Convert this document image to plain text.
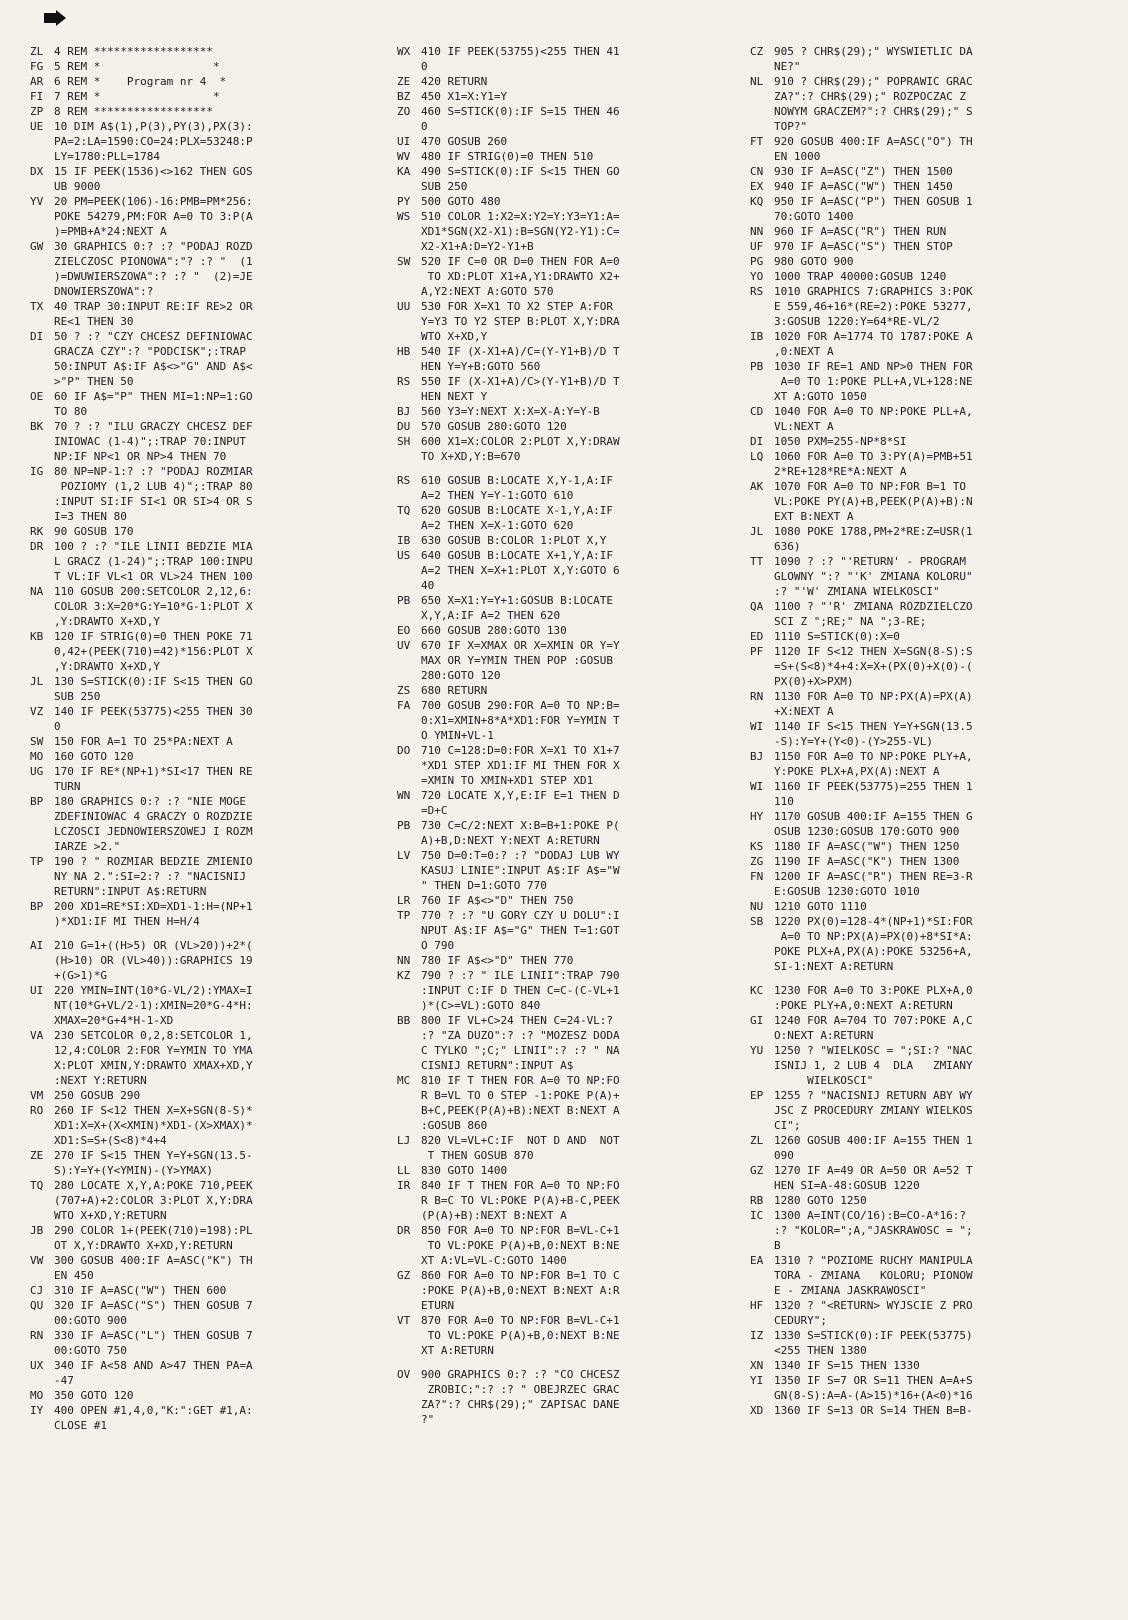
ZL 4 REM ******************
FG 5 REM *                 *
AR 6 REM *    Program nr 4  *
FI 7 REM *                 *
ZP 8 REM ******************
UE 10 DIM A$(1),P(3),PY(3),PX(3):
PA=2:LA=1590:CO=24:PLX=53248:P
LY=1780:PLL=1784
DX 15 IF PEEK(1536)<>162 THEN GOS
UB 9000
YV 20 PM=PEEK(106)-16:PMB=PM*256:
POKE 54279,PM:FOR A=0 TO 3:P(A
)=PMB+A*24:NEXT A
GW 30 GRAPHICS 0:? :? "PODAJ ROZD
ZIELCZOSC PIONOWA":"? :? "  (1
)=DWUWIERSZOWA":? :? "  (2)=JE
DNOWIERSZOWA":?
TX 40 TRAP 30:INPUT RE:IF RE>2 OR
RE<1 THEN 30
DI 50 ? :? "CZY CHCESZ DEFINIOWAC
GRACZA CZY":? "PODCISK";:TRAP
50:INPUT A$:IF A$<>"G" AND A$<
>"P" THEN 50
OE 60 IF A$="P" THEN MI=1:NP=1:GO
TO 80
BK 70 ? :? "ILU GRACZY CHCESZ DEF
INIOWAC (1-4)";:TRAP 70:INPUT
NP:IF NP<1 OR NP>4 THEN 70
IG 80 NP=NP-1:? :? "PODAJ ROZMIAR
POZIOMY (1,2 LUB 4)";:TRAP 80
:INPUT SI:IF SI<1 OR SI>4 OR S
I=3 THEN 80
RK 90 GOSUB 170
DR 100 ? :? "ILE LINII BEDZIE MIA
L GRACZ (1-24)";:TRAP 100:INPU
T VL:IF VL<1 OR VL>24 THEN 100
NA 110 GOSUB 200:SETCOLOR 2,12,6:
COLOR 3:X=20*G:Y=10*G-1:PLOT X
,Y:DRAWTO X+XD,Y
KB 120 IF STRIG(0)=0 THEN POKE 71
0,42+(PEEK(710)=42)*156:PLOT X
,Y:DRAWTO X+XD,Y
JL 130 S=STICK(0):IF S<15 THEN GO
SUB 250
VZ 140 IF PEEK(53775)<255 THEN 30
0
SW 150 FOR A=1 TO 25*PA:NEXT A
MO 160 GOTO 120
UG 170 IF RE*(NP+1)*SI<17 THEN RE
TURN
BP 180 GRAPHICS 0:? :? "NIE MOGE
ZDEFINIOWAC 4 GRACZY O ROZDZIE
LCZOSCI JEDNOWIERSZOWEJ I ROZM
IARZE >2."
TP 190 ? " ROZMIAR BEDZIE ZMIENIO
NY NA 2.":SI=2:? :? "NACISNIJ
RETURN":INPUT A$:RETURN
BP 200 XD1=RE*SI:XD=XD1-1:H=(NP+1
)*XD1:IF MI THEN H=H/4
AI 210 G=1+((H>5) OR (VL>20))+2*(
(H>10) OR (VL>40)):GRAPHICS 19
+(G>1)*G
UI 220 YMIN=INT(10*G-VL/2):YMAX=I
NT(10*G+VL/2-1):XMIN=20*G-4*H:
XMAX=20*G+4*H-1-XD
VA 230 SETCOLOR 0,2,8:SETCOLOR 1,
12,4:COLOR 2:FOR Y=YMIN TO YMA
X:PLOT XMIN,Y:DRAWTO XMAX+XD,Y
:NEXT Y:RETURN
VM 250 GOSUB 290
RO 260 IF S<12 THEN X=X+SGN(8-S)*
XD1:X=X+(X<XMIN)*XD1-(X>XMAX)*
XD1:S=S+(S<8)*4+4
ZE 270 IF S<15 THEN Y=Y+SGN(13.5-
S):Y=Y+(Y<YMIN)-(Y>YMAX)
TQ 280 LOCATE X,Y,A:POKE 710,PEEK
(707+A)+2:COLOR 3:PLOT X,Y:DRA
WTO X+XD,Y:RETURN
JB 290 COLOR 1+(PEEK(710)=198):PL
OT X,Y:DRAWTO X+XD,Y:RETURN
VW 300 GOSUB 400:IF A=ASC("K") TH
EN 450
CJ 310 IF A=ASC("W") THEN 600
QU 320 IF A=ASC("S") THEN GOSUB 7
00:GOTO 900
RN 330 IF A=ASC("L") THEN GOSUB 7
00:GOTO 750
UX 340 IF A<58 AND A>47 THEN PA=A
-47
MO 350 GOTO 120
IY 400 OPEN #1,4,0,"K:":GET #1,A:
CLOSE #1
WX 410 IF PEEK(53755)<255 THEN 41
0
ZE 420 RETURN
BZ 450 X1=X:Y1=Y
ZO 460 S=STICK(0):IF S=15 THEN 46
0
UI 470 GOSUB 260
WV 480 IF STRIG(0)=0 THEN 510
KA 490 S=STICK(0):IF S<15 THEN GO
SUB 250
PY 500 GOTO 480
WS 510 COLOR 1:X2=X:Y2=Y:Y3=Y1:A=
XD1*SGN(X2-X1):B=SGN(Y2-Y1):C=
X2-X1+A:D=Y2-Y1+B
SW 520 IF C=0 OR D=0 THEN FOR A=0
TO XD:PLOT X1+A,Y1:DRAWTO X2+
A,Y2:NEXT A:GOTO 570
UU 530 FOR X=X1 TO X2 STEP A:FOR
Y=Y3 TO Y2 STEP B:PLOT X,Y:DRA
WTO X+XD,Y
HB 540 IF (X-X1+A)/C=(Y-Y1+B)/D T
HEN Y=Y+B:GOTO 560
RS 550 IF (X-X1+A)/C>(Y-Y1+B)/D T
HEN NEXT Y
BJ 560 Y3=Y:NEXT X:X=X-A:Y=Y-B
DU 570 GOSUB 280:GOTO 120
SH 600 X1=X:COLOR 2:PLOT X,Y:DRAW
TO X+XD,Y:B=670
RS 610 GOSUB B:LOCATE X,Y-1,A:IF
A=2 THEN Y=Y-1:GOTO 610
TQ 620 GOSUB B:LOCATE X-1,Y,A:IF
A=2 THEN X=X-1:GOTO 620
IB 630 GOSUB B:COLOR 1:PLOT X,Y
US 640 GOSUB B:LOCATE X+1,Y,A:IF
A=2 THEN X=X+1:PLOT X,Y:GOTO 6
40
PB 650 X=X1:Y=Y+1:GOSUB B:LOCATE
X,Y,A:IF A=2 THEN 620
EO 660 GOSUB 280:GOTO 130
UV 670 IF X=XMAX OR X=XMIN OR Y=Y
MAX OR Y=YMIN THEN POP :GOSUB
280:GOTO 120
ZS 680 RETURN
FA 700 GOSUB 290:FOR A=0 TO NP:B=
0:X1=XMIN+8*A*XD1:FOR Y=YMIN T
O YMIN+VL-1
DO 710 C=128:D=0:FOR X=X1 TO X1+7
*XD1 STEP XD1:IF MI THEN FOR X
=XMIN TO XMIN+XD1 STEP XD1
WN 720 LOCATE X,Y,E:IF E=1 THEN D
=D+C
PB 730 C=C/2:NEXT X:B=B+1:POKE P(
A)+B,D:NEXT Y:NEXT A:RETURN
LV 750 D=0:T=0:? :? "DODAJ LUB WY
KASUJ LINIE":INPUT A$:IF A$="W
" THEN D=1:GOTO 770
LR 760 IF A$<>"D" THEN 750
TP 770 ? :? "U GORY CZY U DOLU":I
NPUT A$:IF A$="G" THEN T=1:GOT
O 790
NN 780 IF A$<>"D" THEN 770
KZ 790 ? :? " ILE LINII":TRAP 790
:INPUT C:IF D THEN C=C-(C-VL+1
)*(C>=VL):GOTO 840
BB 800 IF VL+C>24 THEN C=24-VL:?
:? "ZA DUZO":? :? "MOZESZ DODA
C TYLKO ";C;" LINII":? :? " NA
CISNIJ RETURN":INPUT A$
MC 810 IF T THEN FOR A=0 TO NP:FO
R B=VL TO 0 STEP -1:POKE P(A)+
B+C,PEEK(P(A)+B):NEXT B:NEXT A
:GOSUB 860
LJ 820 VL=VL+C:IF  NOT D AND  NOT
T THEN GOSUB 870
LL 830 GOTO 1400
IR 840 IF T THEN FOR A=0 TO NP:FO
R B=C TO VL:POKE P(A)+B-C,PEEK
(P(A)+B):NEXT B:NEXT A
DR 850 FOR A=0 TO NP:FOR B=VL-C+1
TO VL:POKE P(A)+B,0:NEXT B:NE
XT A:VL=VL-C:GOTO 1400
GZ 860 FOR A=0 TO NP:FOR B=1 TO C
:POKE P(A)+B,0:NEXT B:NEXT A:R
ETURN
VT 870 FOR A=0 TO NP:FOR B=VL-C+1
TO VL:POKE P(A)+B,0:NEXT B:NE
XT A:RETURN
OV 900 GRAPHICS 0:? :? "CO CHCESZ
ZROBIC:":? :? " OBEJRZEC GRAC
ZA?":? CHR$(29);" ZAPISAC DANE
?"
CZ 905 ? CHR$(29);" WYSWIETLIC DA
NE?"
NL 910 ? CHR$(29);" POPRAWIC GRAC
ZA?":? CHR$(29);" ROZPOCZAC Z
NOWYM GRACZEM?":? CHR$(29);" S
TOP?"
FT 920 GOSUB 400:IF A=ASC("O") TH
EN 1000
CN 930 IF A=ASC("Z") THEN 1500
EX 940 IF A=ASC("W") THEN 1450
KQ 950 IF A=ASC("P") THEN GOSUB 1
70:GOTO 1400
NN 960 IF A=ASC("R") THEN RUN
UF 970 IF A=ASC("S") THEN STOP
PG 980 GOTO 900
YO 1000 TRAP 40000:GOSUB 1240
RS 1010 GRAPHICS 7:GRAPHICS 3:POK
E 559,46+16*(RE=2):POKE 53277,
3:GOSUB 1220:Y=64*RE-VL/2
IB 1020 FOR A=1774 TO 1787:POKE A
,0:NEXT A
PB 1030 IF RE=1 AND NP>0 THEN FOR
A=0 TO 1:POKE PLL+A,VL+128:NE
XT A:GOTO 1050
CD 1040 FOR A=0 TO NP:POKE PLL+A,
VL:NEXT A
DI 1050 PXM=255-NP*8*SI
LQ 1060 FOR A=0 TO 3:PY(A)=PMB+51
2*RE+128*RE*A:NEXT A
AK 1070 FOR A=0 TO NP:FOR B=1 TO
VL:POKE PY(A)+B,PEEK(P(A)+B):N
EXT B:NEXT A
JL 1080 POKE 1788,PM+2*RE:Z=USR(1
636)
TT 1090 ? :? "'RETURN' - PROGRAM
GLOWNY ":? "'K' ZMIANA KOLORU"
:? "'W' ZMIANA WIELKOSCI"
QA 1100 ? "'R' ZMIANA ROZDZIELCZO
SCI Z ";RE;" NA ";3-RE;
ED 1110 S=STICK(0):X=0
PF 1120 IF S<12 THEN X=SGN(8-S):S
=S+(S<8)*4+4:X=X+(PX(0)+X(0)-(
PX(0)+X>PXM)
RN 1130 FOR A=0 TO NP:PX(A)=PX(A)
+X:NEXT A
WI 1140 IF S<15 THEN Y=Y+SGN(13.5
-S):Y=Y+(Y<0)-(Y>255-VL)
BJ 1150 FOR A=0 TO NP:POKE PLY+A,
Y:POKE PLX+A,PX(A):NEXT A
WI 1160 IF PEEK(53775)=255 THEN 1
110
HY 1170 GOSUB 400:IF A=155 THEN G
OSUB 1230:GOSUB 170:GOTO 900
KS 1180 IF A=ASC("W") THEN 1250
ZG 1190 IF A=ASC("K") THEN 1300
FN 1200 IF A=ASC("R") THEN RE=3-R
E:GOSUB 1230:GOTO 1010
NU 1210 GOTO 1110
SB 1220 PX(0)=128-4*(NP+1)*SI:FOR
A=0 TO NP:PX(A)=PX(0)+8*SI*A:
POKE PLX+A,PX(A):POKE 53256+A,
SI-1:NEXT A:RETURN
KC 1230 FOR A=0 TO 3:POKE PLX+A,0
:POKE PLY+A,0:NEXT A:RETURN
GI 1240 FOR A=704 TO 707:POKE A,C
O:NEXT A:RETURN
YU 1250 ? "WIELKOSC = ";SI:? "NAC
ISNIJ 1, 2 LUB 4  DLA   ZMIANY
WIELKOSCI"
EP 1255 ? "NACISNIJ RETURN ABY WY
JSC Z PROCEDURY ZMIANY WIELKOS
CI";
ZL 1260 GOSUB 400:IF A=155 THEN 1
090
GZ 1270 IF A=49 OR A=50 OR A=52 T
HEN SI=A-48:GOSUB 1220
RB 1280 GOTO 1250
IC 1300 A=INT(CO/16):B=CO-A*16:?
:? "KOLOR=";A,"JASKRAWOSC = ";
B
EA 1310 ? "POZIOME RUCHY MANIPULA
TORA - ZMIANA   KOLORU; PIONOW
E - ZMIANA JASKRAWOSCI"
HF 1320 ? "<RETURN> WYJSCIE Z PRO
CEDURY";
IZ 1330 S=STICK(0):IF PEEK(53775)
<255 THEN 1380
XN 1340 IF S=15 THEN 1330
YI 1350 IF S=7 OR S=11 THEN A=A+S
GN(8-S):A=A-(A>15)*16+(A<0)*16
XD 1360 IF S=13 OR S=14 THEN B=B-
